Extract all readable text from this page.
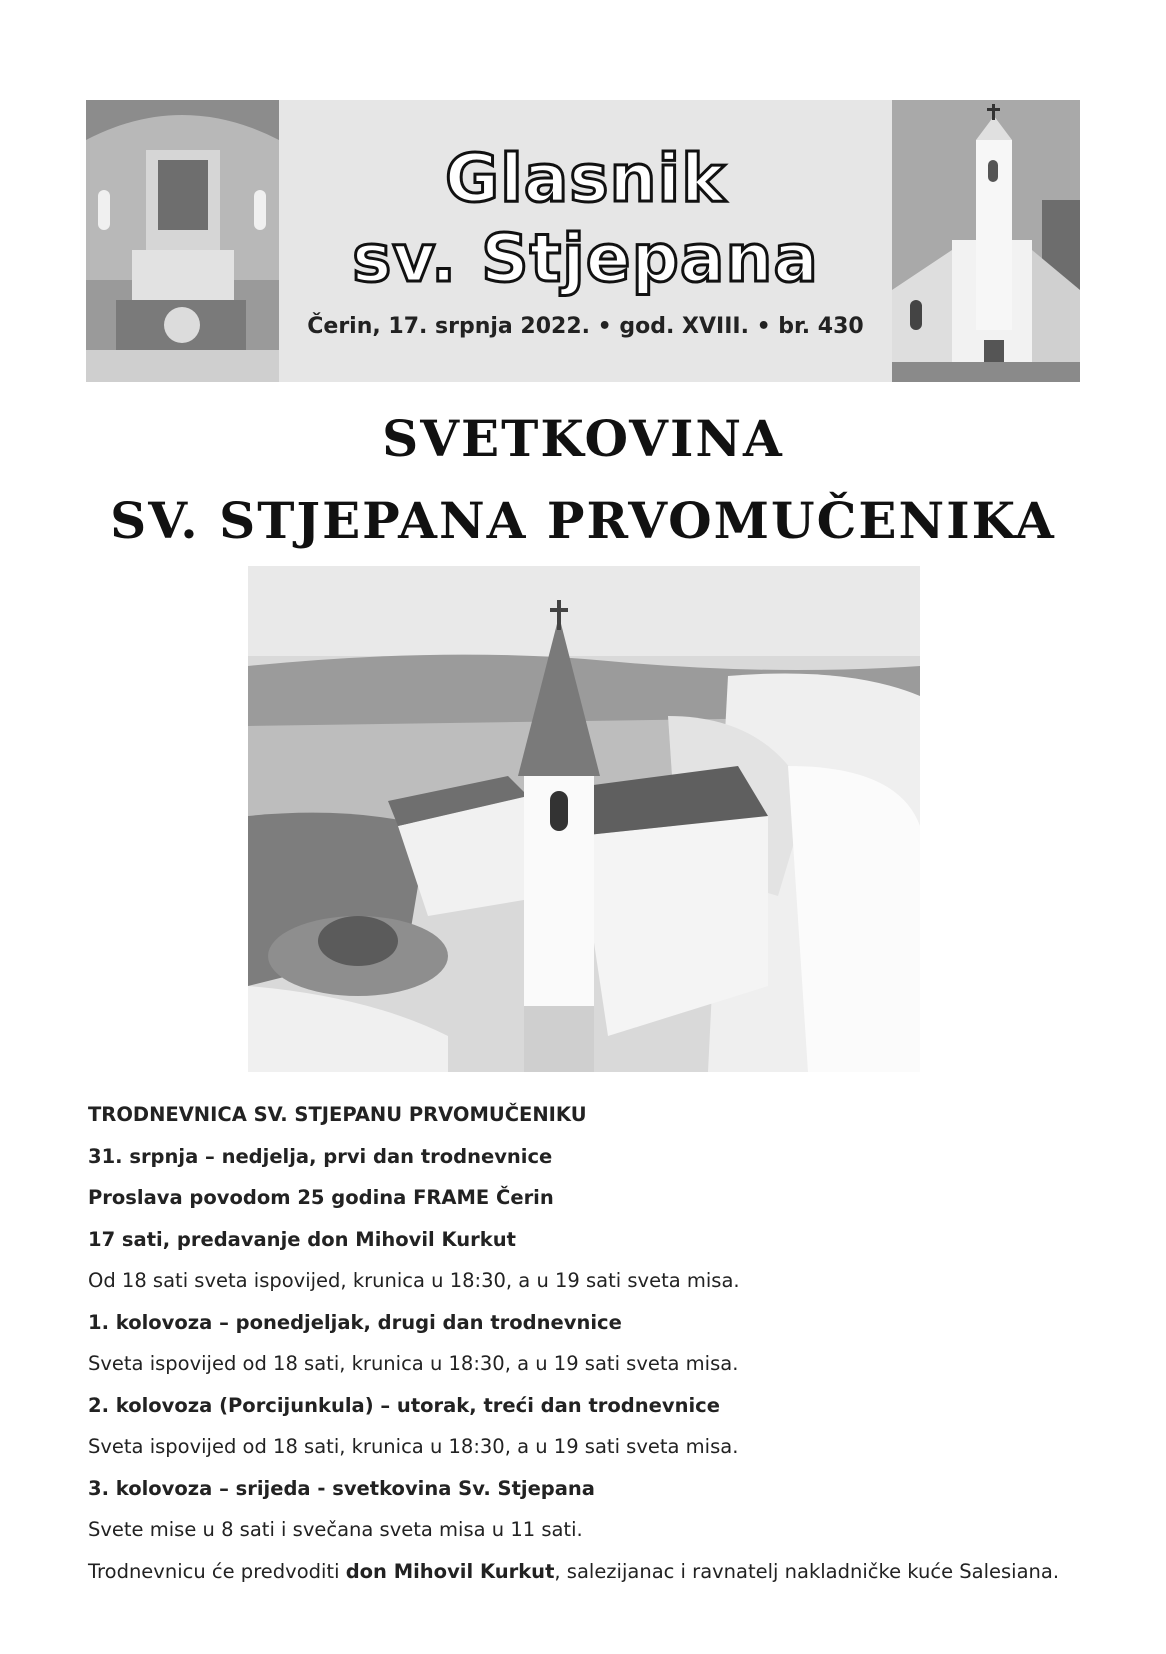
Glasnik
sv. Stjepana
Čerin, 17. srpnja 2022. • god. XVIII. • br. 430
SVETKOVINA
SV. STJEPANA PRVOMUČENIKA

TRODNEVNICA SV. STJEPANU PRVOMUČENIKU

31. srpnja – nedjelja, prvi dan trodnevnice

Proslava povodom 25 godina FRAME Čerin

17 sati, predavanje don Mihovil Kurkut

Od 18 sati sveta ispovijed, krunica u 18:30, a u 19 sati sveta misa.

1. kolovoza – ponedjeljak, drugi dan trodnevnice

Sveta ispovijed od 18 sati, krunica u 18:30, a u 19 sati sveta misa.

2. kolovoza (Porcijunkula) – utorak, treći dan trodnevnice

Sveta ispovijed od 18 sati, krunica u 18:30, a u 19 sati sveta misa.

3. kolovoza – srijeda - svetkovina Sv. Stjepana

Svete mise u 8 sati i svečana sveta misa u 11 sati.

Trodnevnicu će predvoditi don Mihovil Kurkut, salezijanac i ravnatelj nakladničke kuće Salesiana.
